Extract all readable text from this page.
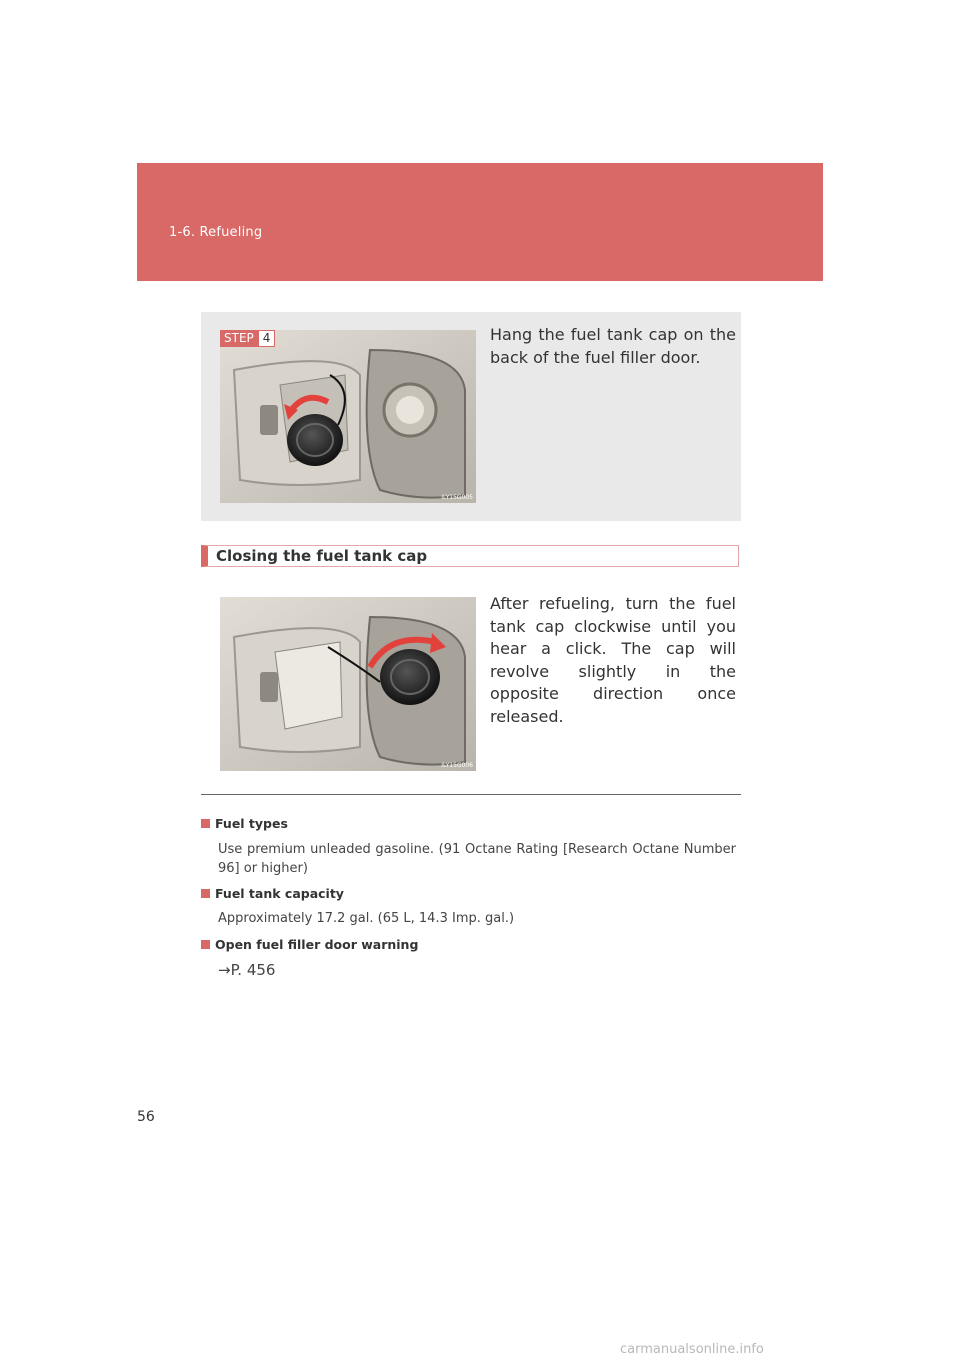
1-6. Refueling
ILY15G005
STEP 4	Hang the fuel tank cap on the back of the fuel filler door.
Closing the fuel tank cap
ILY15G006
After refueling, turn the fuel tank cap clockwise until you hear a click. The cap will revolve slightly in the opposite direction once released.
Fuel types
Use premium unleaded gasoline. (91 Octane Rating [Research Octane Number 96] or higher)
Fuel tank capacity
Approximately 17.2 gal. (65 L, 14.3 Imp. gal.)
Open fuel filler door warning
→P. 456
56
carmanualsonline.info
